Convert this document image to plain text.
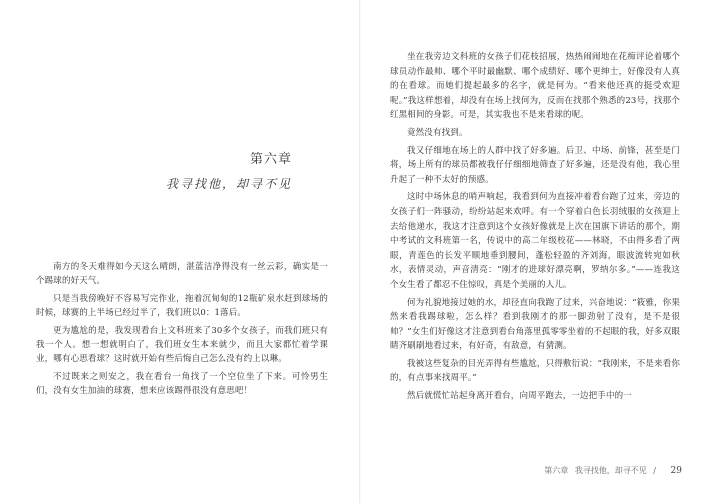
第六章
我寻找他，却寻不见

南方的冬天难得如今天这么晴朗，湛蓝洁净得没有一丝云彩，确实是一个踢球的好天气。

只是当我傍晚好不容易写完作业，拖着沉甸甸的12瓶矿泉水赶到球场的时候，球赛的上半场已经过半了，我们班以0：1落后。

更为尴尬的是，我发现看台上文科班来了30多个女孩子，而我们班只有我一个人。想一想就明白了，我们班女生本来就少，而且大家都忙着学课业，哪有心思看球？这时就开始有些后悔自己怎么没有约上以琳。

不过既来之则安之，我在看台一角找了一个空位坐了下来。可怜男生们，没有女生加油的球赛，想来应该踢得很没有意思吧！

坐在我旁边文科班的女孩子们花枝招展，热热闹闹地在花痴评论着哪个球员动作最帅、哪个平时最幽默、哪个成绩好、哪个更绅士，好像没有人真的在看球。而她们提起最多的名字，就是何为。“看来他还真的挺受欢迎呢。”我这样想着，却没有在场上找何为，反而在找那个熟悉的23号，找那个红黑相间的身影。可是，其实我也不是来看球的呢。

竟然没有找到。

我又仔细地在场上的人群中找了好多遍。后卫、中场、前锋，甚至是门将，场上所有的球员都被我仔仔细细地筛查了好多遍，还是没有他，我心里升起了一种不太好的预感。

这时中场休息的哨声响起，我看到何为直接冲着看台跑了过来，旁边的女孩子们一阵骚动，纷纷站起来欢呼。有一个穿着白色长羽绒服的女孩迎上去给他递水，我这才注意到这个女孩好像就是上次在国旗下讲话的那个，期中考试的文科班第一名，传说中的高二年级校花——林晓，不由得多看了两眼，青莲色的长发平顺地垂到腰间，蓬松轻盈的齐刘海，眼波流转宛如秋水，表情灵动，声音清亮：“刚才的进球好漂亮啊，罗纳尔多。”——连我这个女生看了都忍不住惊叹，真是个美丽的人儿。

何为礼貌地接过她的水，却径直向我跑了过来，兴奋地说：“筱雅，你果然来看我踢球啦，怎么样？看到我刚才的那一脚劲射了没有，是不是很帅？”女生们好像这才注意到看台角落里孤零零坐着的不起眼的我，好多双眼睛齐刷刷地看过来，有好奇，有敌意，有猜测。

我被这些复杂的目光弄得有些尴尬，只得敷衍说：“我刚来，不是来看你的，有点事来找周平。”

然后就慌忙站起身离开看台，向周平跑去，一边把手中的一

第六章 我寻找他，却寻不见 / 29
